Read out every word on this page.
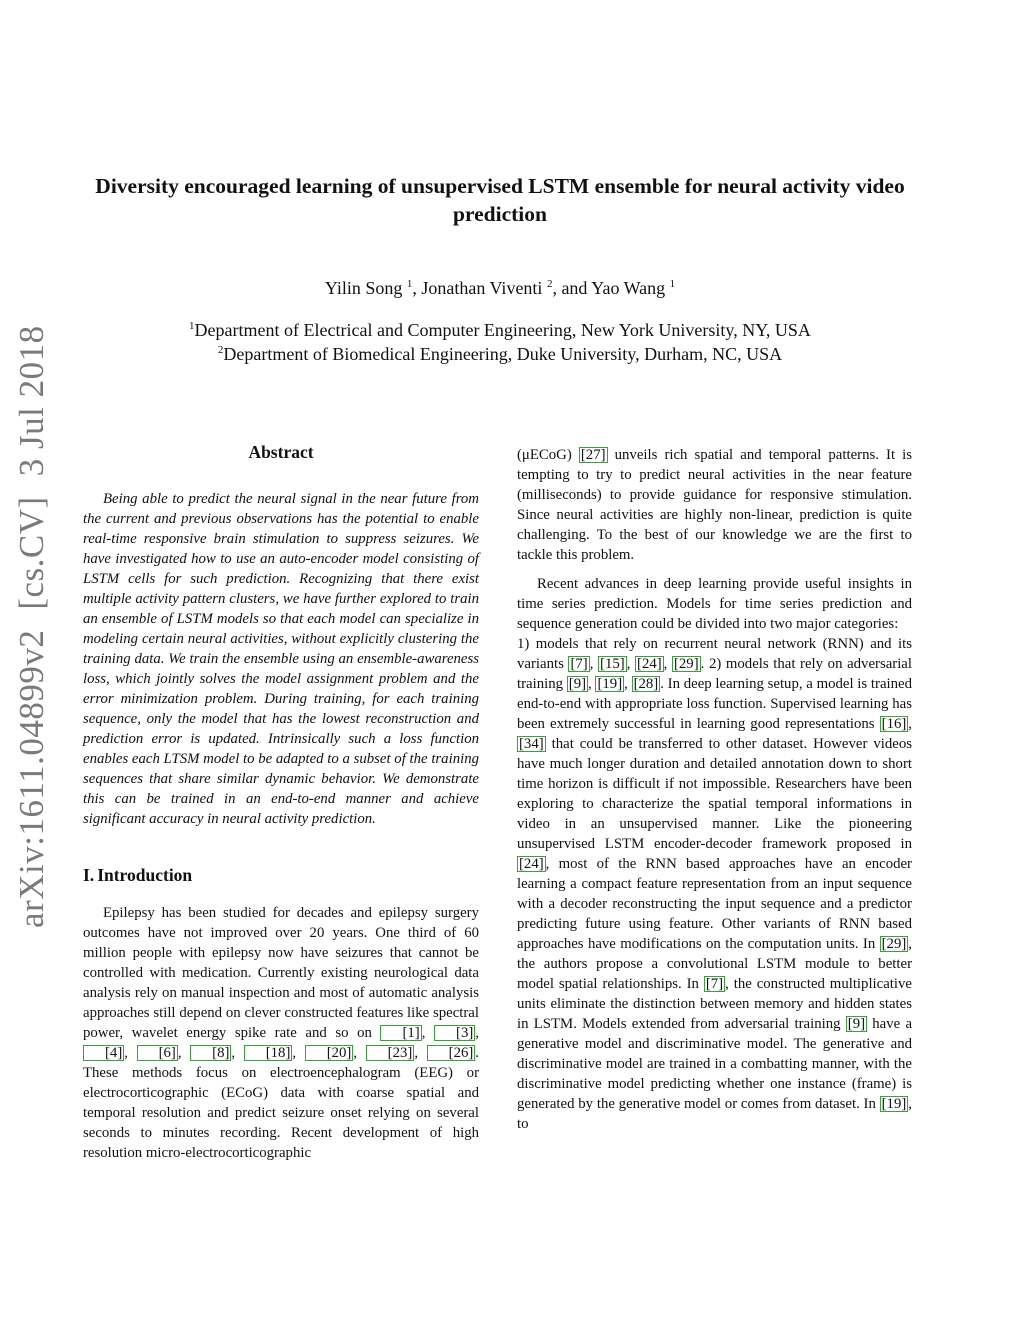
arXiv:1611.04899v2[cs.CV]3 Jul 2018
Diversity encouraged learning of unsupervised LSTM ensemble for neural activity video prediction
Yilin Song $^1$, Jonathan Viventi $^2$, and Yao Wang $^1$
$^1$Department of Electrical and Computer Engineering, New York University, NY, USA
$^2$Department of Biomedical Engineering, Duke University, Durham, NC, USA
Abstract

Being able to predict the neural signal in the near future from the current and previous observations has the potential to enable real-time responsive brain stimulation to suppress seizures. We have investigated how to use an auto-encoder model consisting of LSTM cells for such prediction. Recognizing that there exist multiple activity pattern clusters, we have further explored to train an ensemble of LSTM models so that each model can specialize in modeling certain neural activities, without explicitly clustering the training data. We train the ensemble using an ensemble-awareness loss, which jointly solves the model assignment problem and the error minimization problem. During training, for each training sequence, only the model that has the lowest reconstruction and prediction error is updated. Intrinsically such a loss function enables each LTSM model to be adapted to a subset of the training sequences that share similar dynamic behavior. We demonstrate this can be trained in an end-to-end manner and achieve significant accuracy in neural activity prediction.

I. Introduction

Epilepsy has been studied for decades and epilepsy surgery outcomes have not improved over 20 years. One third of 60 million people with epilepsy now have seizures that cannot be controlled with medication. Currently existing neurological data analysis rely on manual inspection and most of automatic analysis approaches still depend on clever constructed features like spectral power, wavelet energy spike rate and so on [1] , [3] , [4] , [6] , [8] , [18] , [20] , [23] , [26] . These methods focus on electroencephalogram (EEG) or electrocorticographic (ECoG) data with coarse spatial and temporal resolution and predict seizure onset relying on several seconds to minutes recording. Recent development of high resolution micro-electrocorticographic

(μECoG) [27] unveils rich spatial and temporal patterns. It is tempting to try to predict neural activities in the near feature (milliseconds) to provide guidance for responsive stimulation. Since neural activities are highly non-linear, prediction is quite challenging. To the best of our knowledge we are the first to tackle this problem.

Recent advances in deep learning provide useful insights in time series prediction. Models for time series prediction and sequence generation could be divided into two major categories:

1) models that rely on recurrent neural network (RNN) and its variants [7] , [15] , [24] , [29] . 2) models that rely on adversarial training [9] , [19] , [28] . In deep learning setup, a model is trained end-to-end with appropriate loss function. Supervised learning has been extremely successful in learning good representations [16] , [34] that could be transferred to other dataset. However videos have much longer duration and detailed annotation down to short time horizon is difficult if not impossible. Researchers have been exploring to characterize the spatial temporal informations in video in an unsupervised manner. Like the pioneering unsupervised LSTM encoder-decoder framework proposed in [24] , most of the RNN based approaches have an encoder learning a compact feature representation from an input sequence with a decoder reconstructing the input sequence and a predictor predicting future using feature. Other variants of RNN based approaches have modifications on the computation units. In [29] , the authors propose a convolutional LSTM module to better model spatial relationships. In [7] , the constructed multiplicative units eliminate the distinction between memory and hidden states in LSTM. Models extended from adversarial training [9] have a generative model and discriminative model. The generative and discriminative model are trained in a combatting manner, with the discriminative model predicting whether one instance (frame) is generated by the generative model or comes from dataset. In [19] , to
